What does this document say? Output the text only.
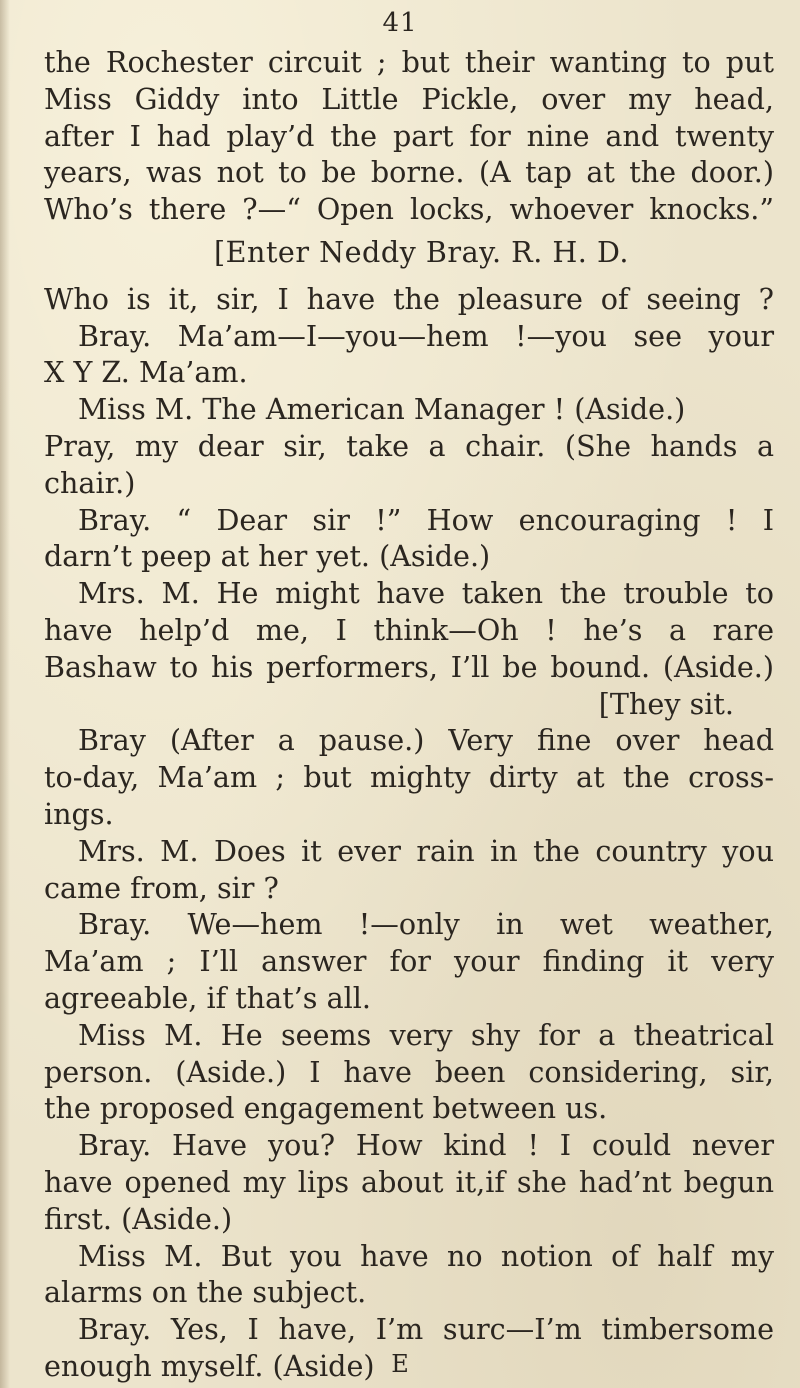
41
the Rochester circuit ; but their wanting to put
Miss Giddy into Little Pickle, over my head,
after I had play’d the part for nine and twenty
years, was not to be borne. (A tap at the door.)
Who’s there ?—“ Open locks, whoever knocks.”
[Enter Neddy Bray. R. H. D.
Who is it, sir, I have the pleasure of seeing ?
Bray. Ma’am—I—you—hem !—you see your
X Y Z. Ma’am.
Miss M. The American Manager ! (Aside.)
Pray, my dear sir, take a chair. (She hands a
chair.)
Bray. “ Dear sir !” How encouraging ! I
darn’t peep at her yet. (Aside.)
Mrs. M. He might have taken the trouble to
have help’d me, I think—Oh ! he’s a rare
Bashaw to his performers, I’ll be bound. (Aside.)
[They sit.
Bray (After a pause.) Very fine over head
to-day, Ma’am ; but mighty dirty at the cross-
ings.
Mrs. M. Does it ever rain in the country you
came from, sir ?
Bray. We—hem !—only in wet weather,
Ma’am ; I’ll answer for your finding it very
agreeable, if that’s all.
Miss M. He seems very shy for a theatrical
person. (Aside.) I have been considering, sir,
the proposed engagement between us.
Bray. Have you? How kind ! I could never
have opened my lips about it,if she had’nt begun
first. (Aside.)
Miss M. But you have no notion of half my
alarms on the subject.
Bray. Yes, I have, I’m surc—I’m timbersome
enough myself. (Aside) E
